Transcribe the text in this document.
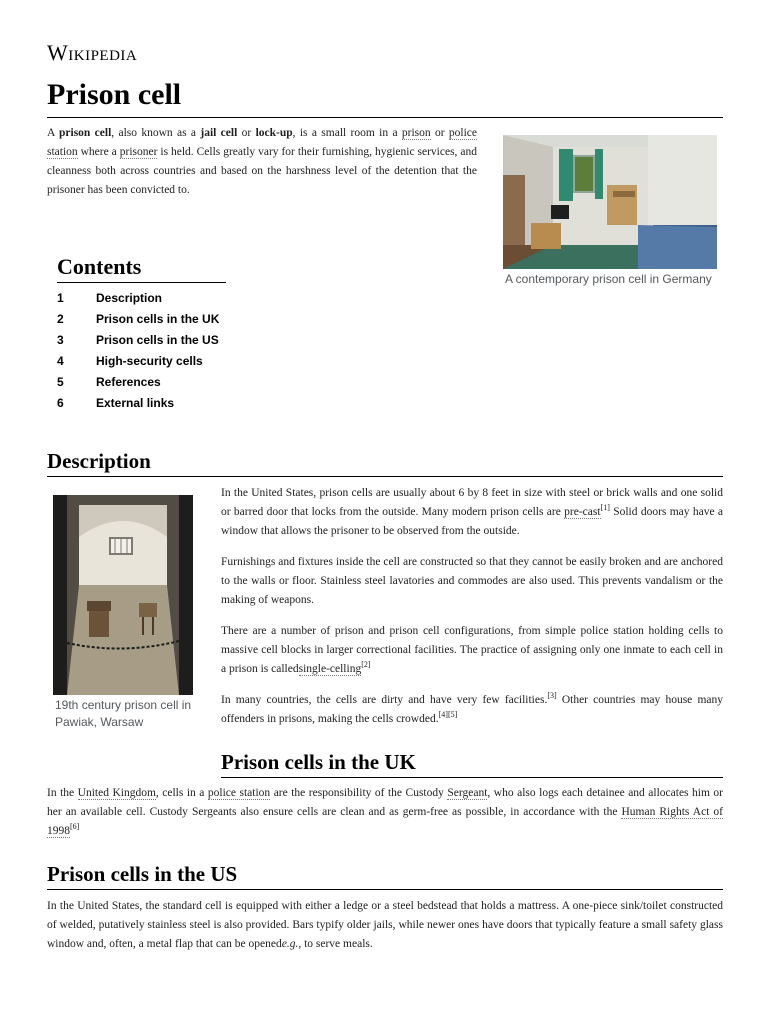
Wikipedia
Prison cell

A prison cell, also known as a jail cell or lock-up, is a small room in a prison or police station where a prisoner is held. Cells greatly vary for their furnishing, hygienic services, and cleanness both across countries and based on the harshness level of the detention that the prisoner has been convicted to.

A contemporary prison cell in Germany
Contents
1	Description
2	Prison cells in the UK
3	Prison cells in the US
4	High-security cells
5	References
6	External links
Description
19th century prison cell in Pawiak, Warsaw

In the United States, prison cells are usually about 6 by 8 feet in size with steel or brick walls and one solid or barred door that locks from the outside. Many modern prison cells are pre-cast[1] Solid doors may have a window that allows the prisoner to be observed from the outside.

Furnishings and fixtures inside the cell are constructed so that they cannot be easily broken and are anchored to the walls or floor. Stainless steel lavatories and commodes are also used. This prevents vandalism or the making of weapons.

There are a number of prison and prison cell configurations, from simple police station holding cells to massive cell blocks in larger correctional facilities. The practice of assigning only one inmate to each cell in a prison is calledsingle-celling[2]

In many countries, the cells are dirty and have very few facilities.[3] Other countries may house many offenders in prisons, making the cells crowded.[4][5]

Prison cells in the UK

In the United Kingdom, cells in a police station are the responsibility of the Custody Sergeant, who also logs each detainee and allocates him or her an available cell. Custody Sergeants also ensure cells are clean and as germ-free as possible, in accordance with the Human Rights Act of 1998[6]

Prison cells in the US

In the United States, the standard cell is equipped with either a ledge or a steel bedstead that holds a mattress. A one-piece sink/toilet constructed of welded, putatively stainless steel is also provided. Bars typify older jails, while newer ones have doors that typically feature a small safety glass window and, often, a metal flap that can be openede.g., to serve meals.
